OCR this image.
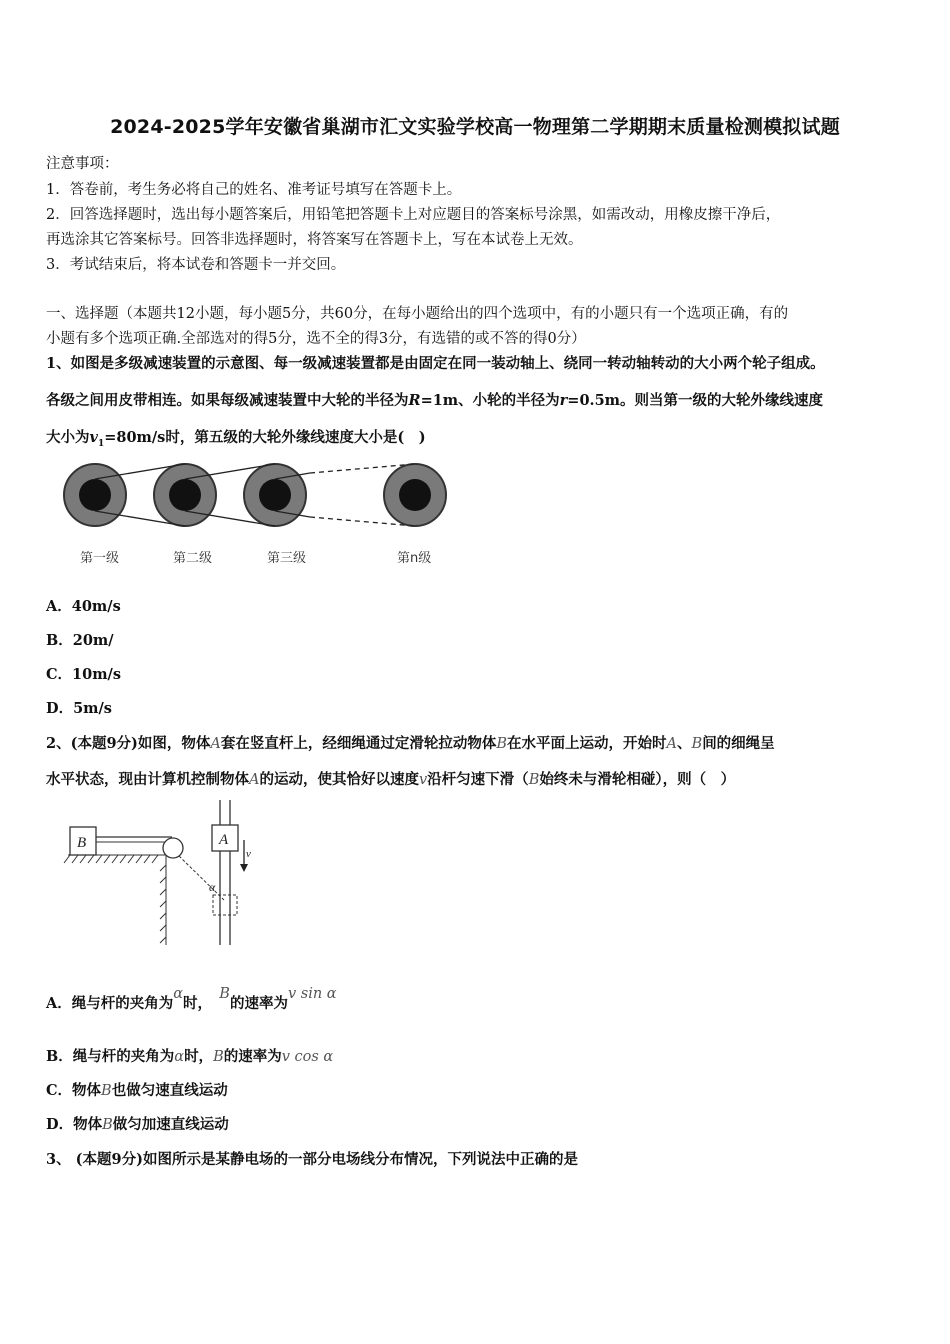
2024-2025学年安徽省巢湖市汇文实验学校高一物理第二学期期末质量检测模拟试题
注意事项：
1．答卷前，考生务必将自己的姓名、准考证号填写在答题卡上。
2．回答选择题时，选出每小题答案后，用铅笔把答题卡上对应题目的答案标号涂黑，如需改动，用橡皮擦干净后，
再选涂其它答案标号。回答非选择题时，将答案写在答题卡上，写在本试卷上无效。
3．考试结束后，将本试卷和答题卡一并交回。
一、选择题（本题共12小题，每小题5分，共60分，在每小题给出的四个选项中，有的小题只有一个选项正确，有的
小题有多个选项正确.全部选对的得5分，选不全的得3分，有选错的或不答的得0分）
1、如图是多级减速装置的示意图、每一级减速装置都是由固定在同一装动轴上、绕同一转动轴转动的大小两个轮子组成。
各级之间用皮带相连。如果每级减速装置中大轮的半径为R=1m、小轮的半径为r=0.5m。则当第一级的大轮外缘线速度
大小为$v_1=80m/s$时，第五级的大轮外缘线速度大小是(　)
第一级	第二级	第三级	第n级
A．40m/s
B．20m/
C．10m/s
D．5m/s
2、(本题9分)如图，物体A套在竖直杆上，经细绳通过定滑轮拉动物体B在水平面上运动，开始时A、B间的细绳呈
水平状态，现由计算机控制物体A的运动，使其恰好以速度v沿杆匀速下滑（B始终未与滑轮相碰），则（　）
B	A
v
α
A．绳与杆的夹角为α时，　B的速率为v sin α
B．绳与杆的夹角为α时，B的速率为v cos α
C．物体B也做匀速直线运动
D．物体B做匀加速直线运动
3、 (本题9分)如图所示是某静电场的一部分电场线分布情况，下列说法中正确的是
